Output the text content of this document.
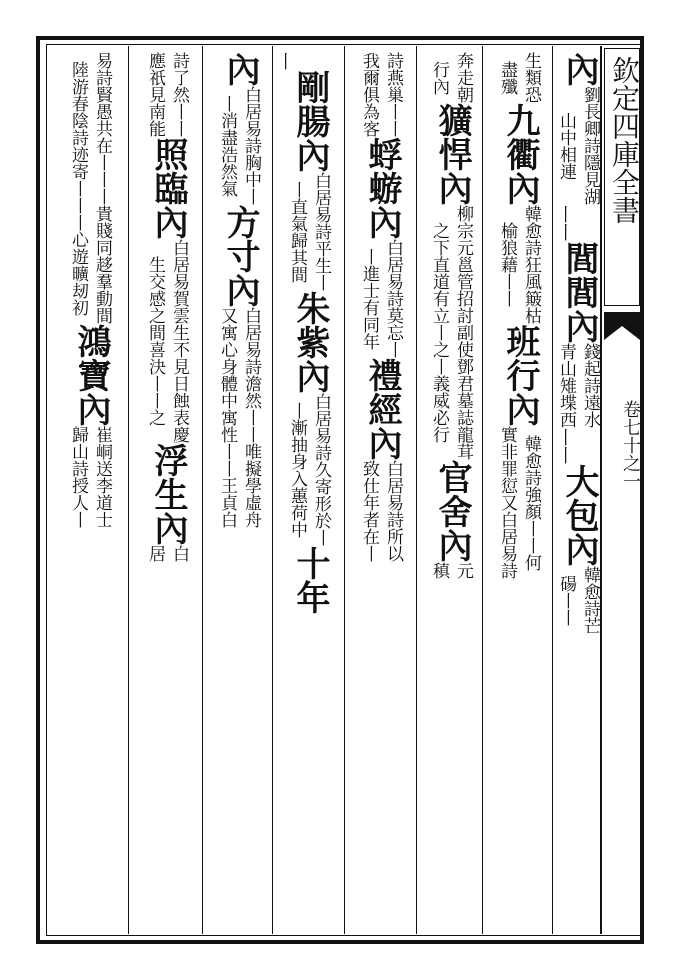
欽定四庫全書
卷七十之一
內
劉長卿詩隱見湖
山中相連
丨丨
閭閭內
錢起詩遠水
青山雉堞西
丨丨
大包內
韓愈詩芒
碭丨丨
生類恐
盡殲
九衢內
韓愈詩狂風簸枯
榆狼藉丨丨
班行內
韓愈詩強顏丨丨何
實非罪愆又白居易詩
奔走朝
行內
獷悍內
柳宗元邕管招討副使鄧君墓誌龍茸
之下直道有立丨之丨義威必行
官舍內
元
稹
詩燕巢丨丨
我爾俱為客
蜉蝣內
白居易詩莫忘丨
丨進士有同年
禮經內
白居易詩所以
致仕年者在丨
丨
剛腸內
白居易詩平生丨
丨直氣歸其間
朱紫內
白居易詩久寄形於丨
丨漸抽身入蕙荷中
十年
內
白居易詩胸中丨
丨消盡浩然氣
方寸內
白居易詩澹然丨丨唯擬學虛舟
又寓心身體中寓性丨丨王貞白
詩了然丨丨
應祇見南能
照臨內
白居易賀雲生不見日蝕表慶
生交感之間喜決丨丨之
浮生內
白
居
易詩賢愚共在丨丨丨貴賤同趍羣動間
陸游春陰詩迹寄丨丨丨心遊曠刼初
鴻寶內
崔峒送李道士
歸山詩授人丨
